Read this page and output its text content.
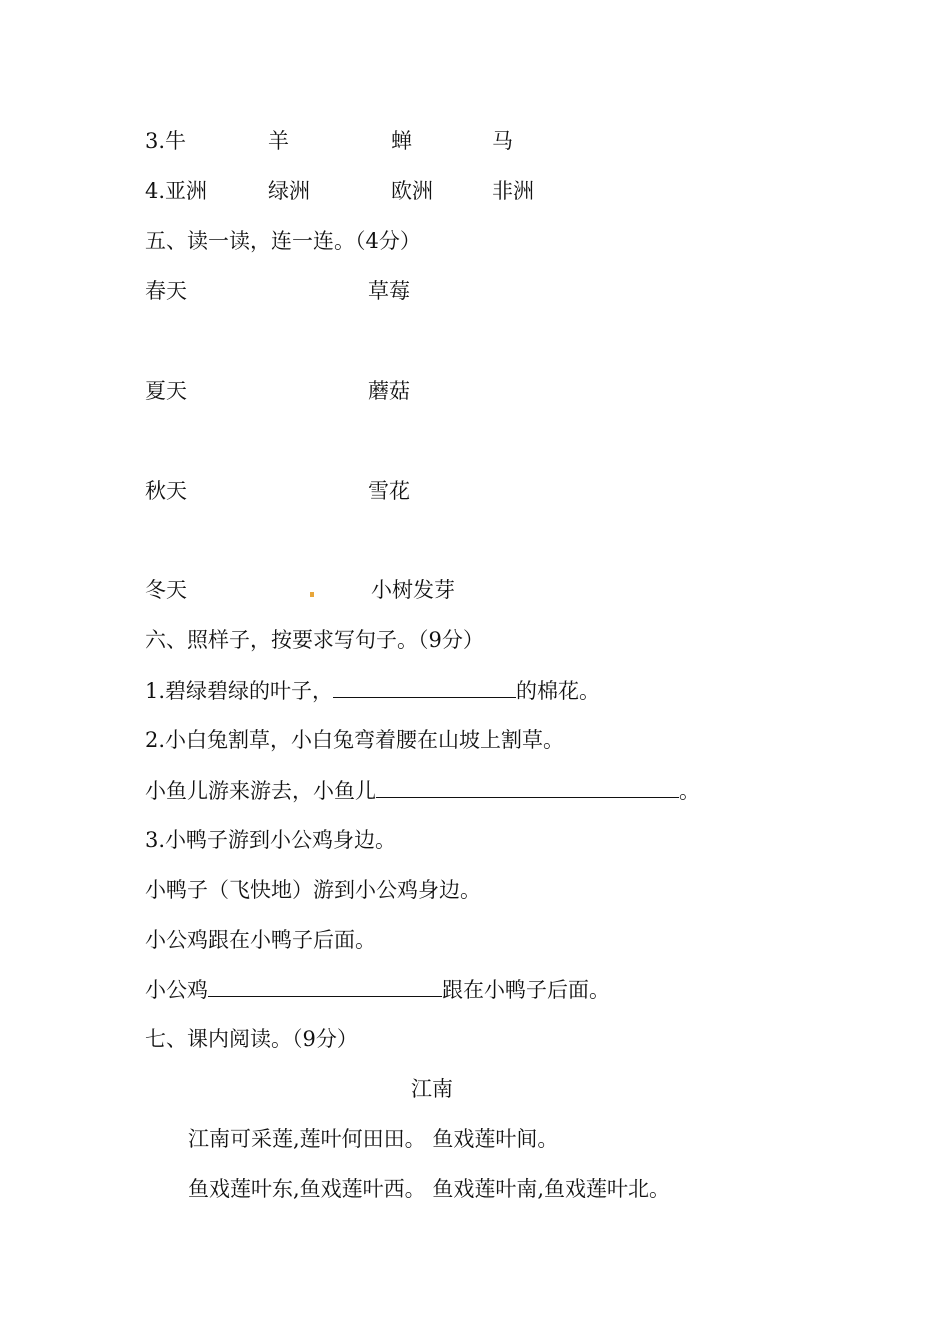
3.牛	羊	蝉	马
4.亚洲	绿洲	欧洲	非洲
五、读一读，连一连。（4分）
春天	草莓
夏天	蘑菇
秋天	雪花
冬天	小树发芽
六、照样子，按要求写句子。（9分）
1.碧绿碧绿的叶子，	的棉花。
2.小白兔割草，小白兔弯着腰在山坡上割草。
小鱼儿游来游去，小鱼儿	。
3.小鸭子游到小公鸡身边。
小鸭子（飞快地）游到小公鸡身边。
小公鸡跟在小鸭子后面。
小公鸡	跟在小鸭子后面。
七、课内阅读。（9分）
江南
江南可采莲,莲叶何田田。 鱼戏莲叶间。
鱼戏莲叶东,鱼戏莲叶西。 鱼戏莲叶南,鱼戏莲叶北。
